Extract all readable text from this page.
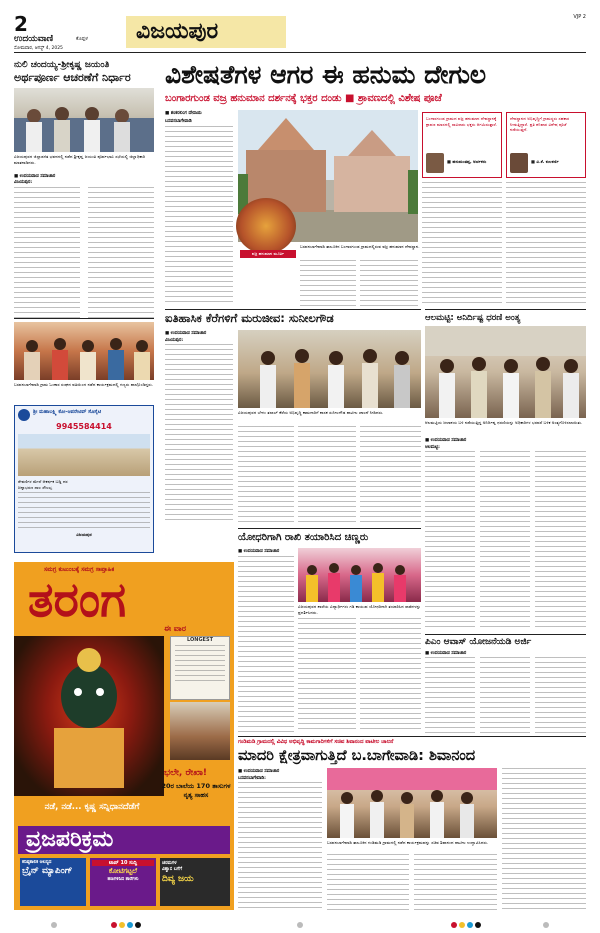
2
ಉದಯವಾಣಿ	ಕೊಪ್ಪಳ
ಸೋಮವಾರ, ಆಗಸ್ಟ್ 4, 2025
ವಿಜಯಪುರ
VJP 2
ನುಲಿ ಚಂದಯ್ಯ-ಶ್ರೀಕೃಷ್ಣ ಜಯಂತಿ
ಅರ್ಥಪೂರ್ಣ ಆಚರಣೆಗೆ ನಿರ್ಧಾರ
ವಿಜಯಪುರದ ಜಿಲ್ಲಾಡಳಿತ ಭವನದಲ್ಲಿ ನಡೆದ ಶ್ರೀಕೃಷ್ಣ ಜಯಂತಿ ಪೂರ್ವಭಾವಿ ಸಭೆಯಲ್ಲಿ ಜಿಲ್ಲಾಧಿಕಾರಿ ಮಾತನಾಡಿದರು.
■ ಉದಯವಾಣಿ ಸಮಾಚಾರ
ವಿಜಯಪುರ:
ವಿಶೇಷತೆಗಳ ಆಗರ ಈ ಹನುಮ ದೇಗುಲ
ಬಂಗಾರಗುಂಡ ವಜ್ರ ಹನುಮಾನ ದರ್ಶನಕ್ಕೆ ಭಕ್ತರ ದಂಡು ■ ಶ್ರಾವಣದಲ್ಲಿ ವಿಶೇಷ ಪೂಜೆ
■ ಶಂಕರಲಿಂಗ ದೇಸಾಯಿ
ಬಸವನಬಾಗೇವಾಡಿ
ವಜ್ರ ಹನುಮಾನ ಮೂರ್ತಿ
ಬಸವನಬಾಗೇವಾಡಿ ತಾಲೂಕಿನ ಬಂಗಾರಗುಂಡ ಗ್ರಾಮದಲ್ಲಿರುವ ವಜ್ರ ಹನುಮಾನ ದೇವಸ್ಥಾನ.
ಬಂಗಾರಗುಂಡ ಗ್ರಾಮದ ವಜ್ರ ಹನುಮಾನ ದೇವಸ್ಥಾನಕ್ಕೆ ಶ್ರಾವಣ ಮಾಸದಲ್ಲಿ ಸಾವಿರಾರು ಭಕ್ತರು ಆಗಮಿಸುತ್ತಾರೆ.
■ ಹನುಮಂತಪ್ಪ, ಅರ್ಚಕರು
ದೇವಸ್ಥಾನದ ಅಭಿವೃದ್ಧಿಗೆ ಗ್ರಾಮಸ್ಥರು ಸಹಕಾರ ನೀಡುತ್ತಿದ್ದಾರೆ. ಪ್ರತಿ ಶನಿವಾರ ವಿಶೇಷ ಪೂಜೆ ನಡೆಯುತ್ತದೆ.
■ ವಿ.ಕೆ. ಕುಲಕರ್ಣಿ
ಬಸವನಬಾಗೇವಾಡಿ ಗ್ರಾಮ ಓಂಕಾರ ಸಂಘದ ವತಿಯಿಂದ ನಡೆದ ಕಾರ್ಯಕ್ರಮದಲ್ಲಿ ಗಣ್ಯರು ಪಾಲ್ಗೊಂಡಿದ್ದರು.
ಶ್ರೀ ಮಹಾಲಕ್ಷ್ಮಿ ಕೋ-ಆಪರೇಟಿವ್ ಸೊಸೈಟಿ
9945584414
ಠೇವಣಿಗಳ ಮೇಲೆ ಆಕರ್ಷಕ ಬಡ್ಡಿ ದರ
ಚಿನ್ನಾಭರಣ ಸಾಲ ಸೌಲಭ್ಯ
ವಿಜಯಪುರ
ಸಮಗ್ರ ಕುಟುಂಬಕ್ಕೆ ಸಮಗ್ರ ಸಾಪ್ತಾಹಿಕ
ತರಂಗ
ಈ ವಾರ
LONGEST
ಭಲೇ, ರೇಖಾ!
20ರ ಬಾಲೆಯ 170 ತಾಸುಗಳ ನೃತ್ಯ ಸಾಹಸ
ನಡೆ, ನಡೆ... ಕೃಷ್ಣ ಸನ್ನಿಧಾನದೆಡೆಗೆ
ವ್ರಜಪರಿಕ್ರಮ
ಕನಿಷ್ಠಕಾಲಿಕ ಆಲಸ್ಯದ
ಬ್ರೈನ್ ಮ್ಯಾಪಿಂಗ್
ಟಾಪ್ 10 ಸುದ್ದಿ
ಕೋಟಿಗಟ್ಟಲೆ
ಹಣಗಳಿಸಿದ ತಾರೆಗಳು
ಚರಮಗಳ
ವಿಶ್ವಾಸ ಬಗೆಗೆ
ದಿವ್ಯ ಜಯ
ಐತಿಹಾಸಿಕ ಕೆರೆಗಳಿಗೆ ಮರುಜೀವ: ಸುನೀಲಗೌಡ
■ ಉದಯವಾಣಿ ಸಮಾಚಾರ
ವಿಜಯಪುರ:
ವಿಜಯಪುರದ ಬೇಗಂ ತಲಾಬ್ ಕೆರೆಯ ಅಭಿವೃದ್ಧಿ ಕಾಮಗಾರಿಗೆ ಶಾಸಕ ಸುನೀಲಗೌಡ ಪಾಟೀಲ ಚಾಲನೆ ನೀಡಿದರು.
ಆಲಮಟ್ಟಿ: ಅನಿರ್ದಿಷ್ಟ ಧರಣಿ ಅಂತ್ಯ
ಆಲಮಟ್ಟಿಯ ಜಲಾಶಯ ಬಳಿ ನಡೆಯುತ್ತಿದ್ದ ಅನಿರ್ದಿಷ್ಟ ಧರಣಿಯನ್ನು ಅಧಿಕಾರಿಗಳ ಭರವಸೆ ಬಳಿಕ ಅಂತ್ಯಗೊಳಿಸಲಾಯಿತು.
■ ಉದಯವಾಣಿ ಸಮಾಚಾರ
ಆಲಮಟ್ಟಿ:
ಯೋಧರಿಗಾಗಿ ರಾಖಿ ತಯಾರಿಸಿದ ಚಿಣ್ಣರು
■ ಉದಯವಾಣಿ ಸಮಾಚಾರ
ವಿಜಯಪುರದ ಶಾಲೆಯ ವಿದ್ಯಾರ್ಥಿಗಳು ಗಡಿ ಕಾಯುವ ಯೋಧರಿಗಾಗಿ ತಯಾರಿಸಿದ ರಾಖಿಗಳನ್ನು ಪ್ರದರ್ಶಿಸಿದರು.
ಪಿಎಂ ಆವಾಸ್ ಯೋಜನೆಯಡಿ ಅರ್ಜಿ
■ ಉದಯವಾಣಿ ಸಮಾಚಾರ
ಗಂಡಿಮಡಿ ಗ್ರಾಮದಲ್ಲಿ ವಿವಿಧ ಅಭಿವೃದ್ಧಿ ಕಾಮಗಾರಿಗಳಿಗೆ ಸಚಿವ ಶಿವಾನಂದ ಪಾಟೀಲ ಚಾಲನೆ
ಮಾದರಿ ಕ್ಷೇತ್ರವಾಗುತ್ತಿದೆ ಬ.ಬಾಗೇವಾಡಿ: ಶಿವಾನಂದ
■ ಉದಯವಾಣಿ ಸಮಾಚಾರ
ಬಸವನಬಾಗೇವಾಡಿ:
ಬಸವನಬಾಗೇವಾಡಿ ತಾಲೂಕಿನ ಗಂಡಿಮಡಿ ಗ್ರಾಮದಲ್ಲಿ ನಡೆದ ಕಾರ್ಯಕ್ರಮವನ್ನು ಸಚಿವ ಶಿವಾನಂದ ಪಾಟೀಲ ಉದ್ಘಾಟಿಸಿದರು.
